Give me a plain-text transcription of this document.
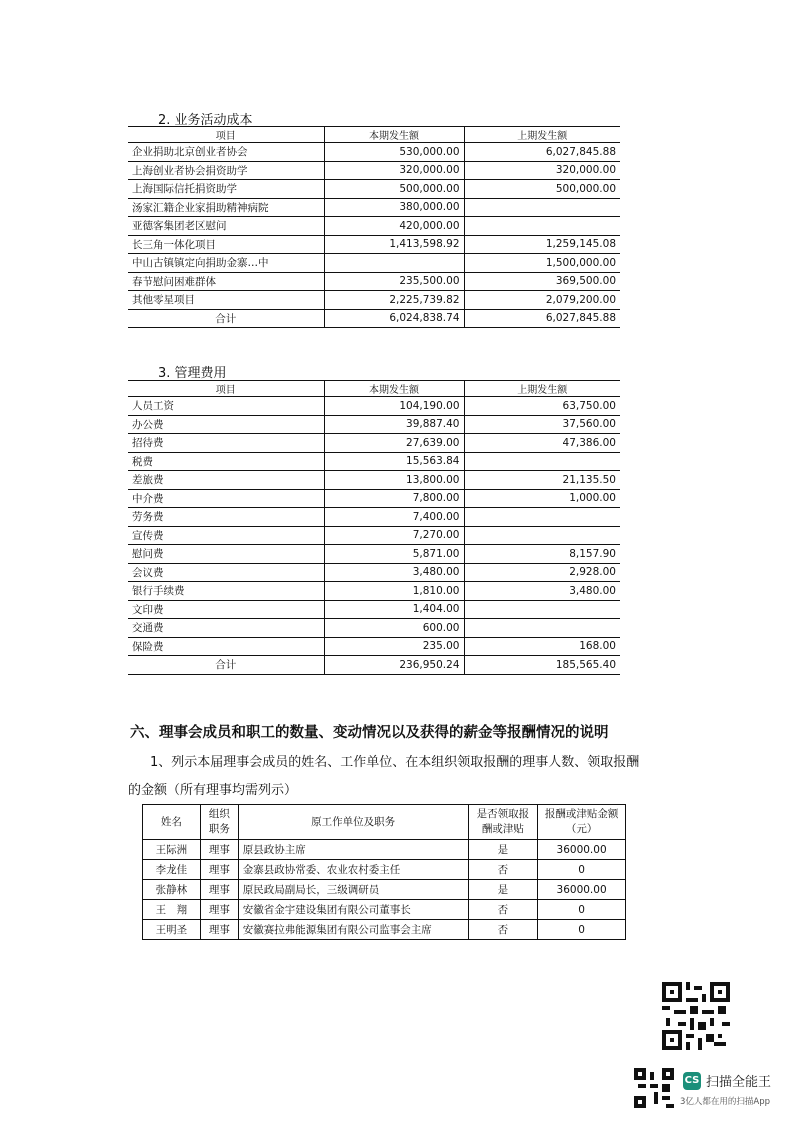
2. 业务活动成本
项目	本期发生额	上期发生额
企业捐助北京创业者协会	530,000.00	6,027,845.88
上海创业者协会捐资助学	320,000.00	320,000.00
上海国际信托捐资助学	500,000.00	500,000.00
汤家汇籍企业家捐助精神病院	380,000.00	
亚德客集团老区慰问	420,000.00	
长三角一体化项目	1,413,598.92	1,259,145.08
中山古镇镇定向捐助金寨…中		1,500,000.00
春节慰问困难群体	235,500.00	369,500.00
其他零星项目	2,225,739.82	2,079,200.00
合计	6,024,838.74	6,027,845.88
3. 管理费用
项目	本期发生额	上期发生额
人员工资	104,190.00	63,750.00
办公费	39,887.40	37,560.00
招待费	27,639.00	47,386.00
税费	15,563.84	
差旅费	13,800.00	21,135.50
中介费	7,800.00	1,000.00
劳务费	7,400.00	
宣传费	7,270.00	
慰问费	5,871.00	8,157.90
会议费	3,480.00	2,928.00
银行手续费	1,810.00	3,480.00
文印费	1,404.00	
交通费	600.00	
保险费	235.00	168.00
合计	236,950.24	185,565.40
六、理事会成员和职工的数量、变动情况以及获得的薪金等报酬情况的说明
1、列示本届理事会成员的姓名、工作单位、在本组织领取报酬的理事人数、领取报酬
的金额（所有理事均需列示）
姓名	组织职务	原工作单位及职务	是否领取报酬或津贴	报酬或津贴金额（元）
王际洲	理事	原县政协主席	是	36000.00
李龙佳	理事	金寨县政协常委、农业农村委主任	否	0
张静林	理事	原民政局副局长，三级调研员	是	36000.00
王　翔	理事	安徽省金宇建设集团有限公司董事长	否	0
王明圣	理事	安徽赛拉弗能源集团有限公司监事会主席	否	0
CS 扫描全能王
3亿人都在用的扫描App
